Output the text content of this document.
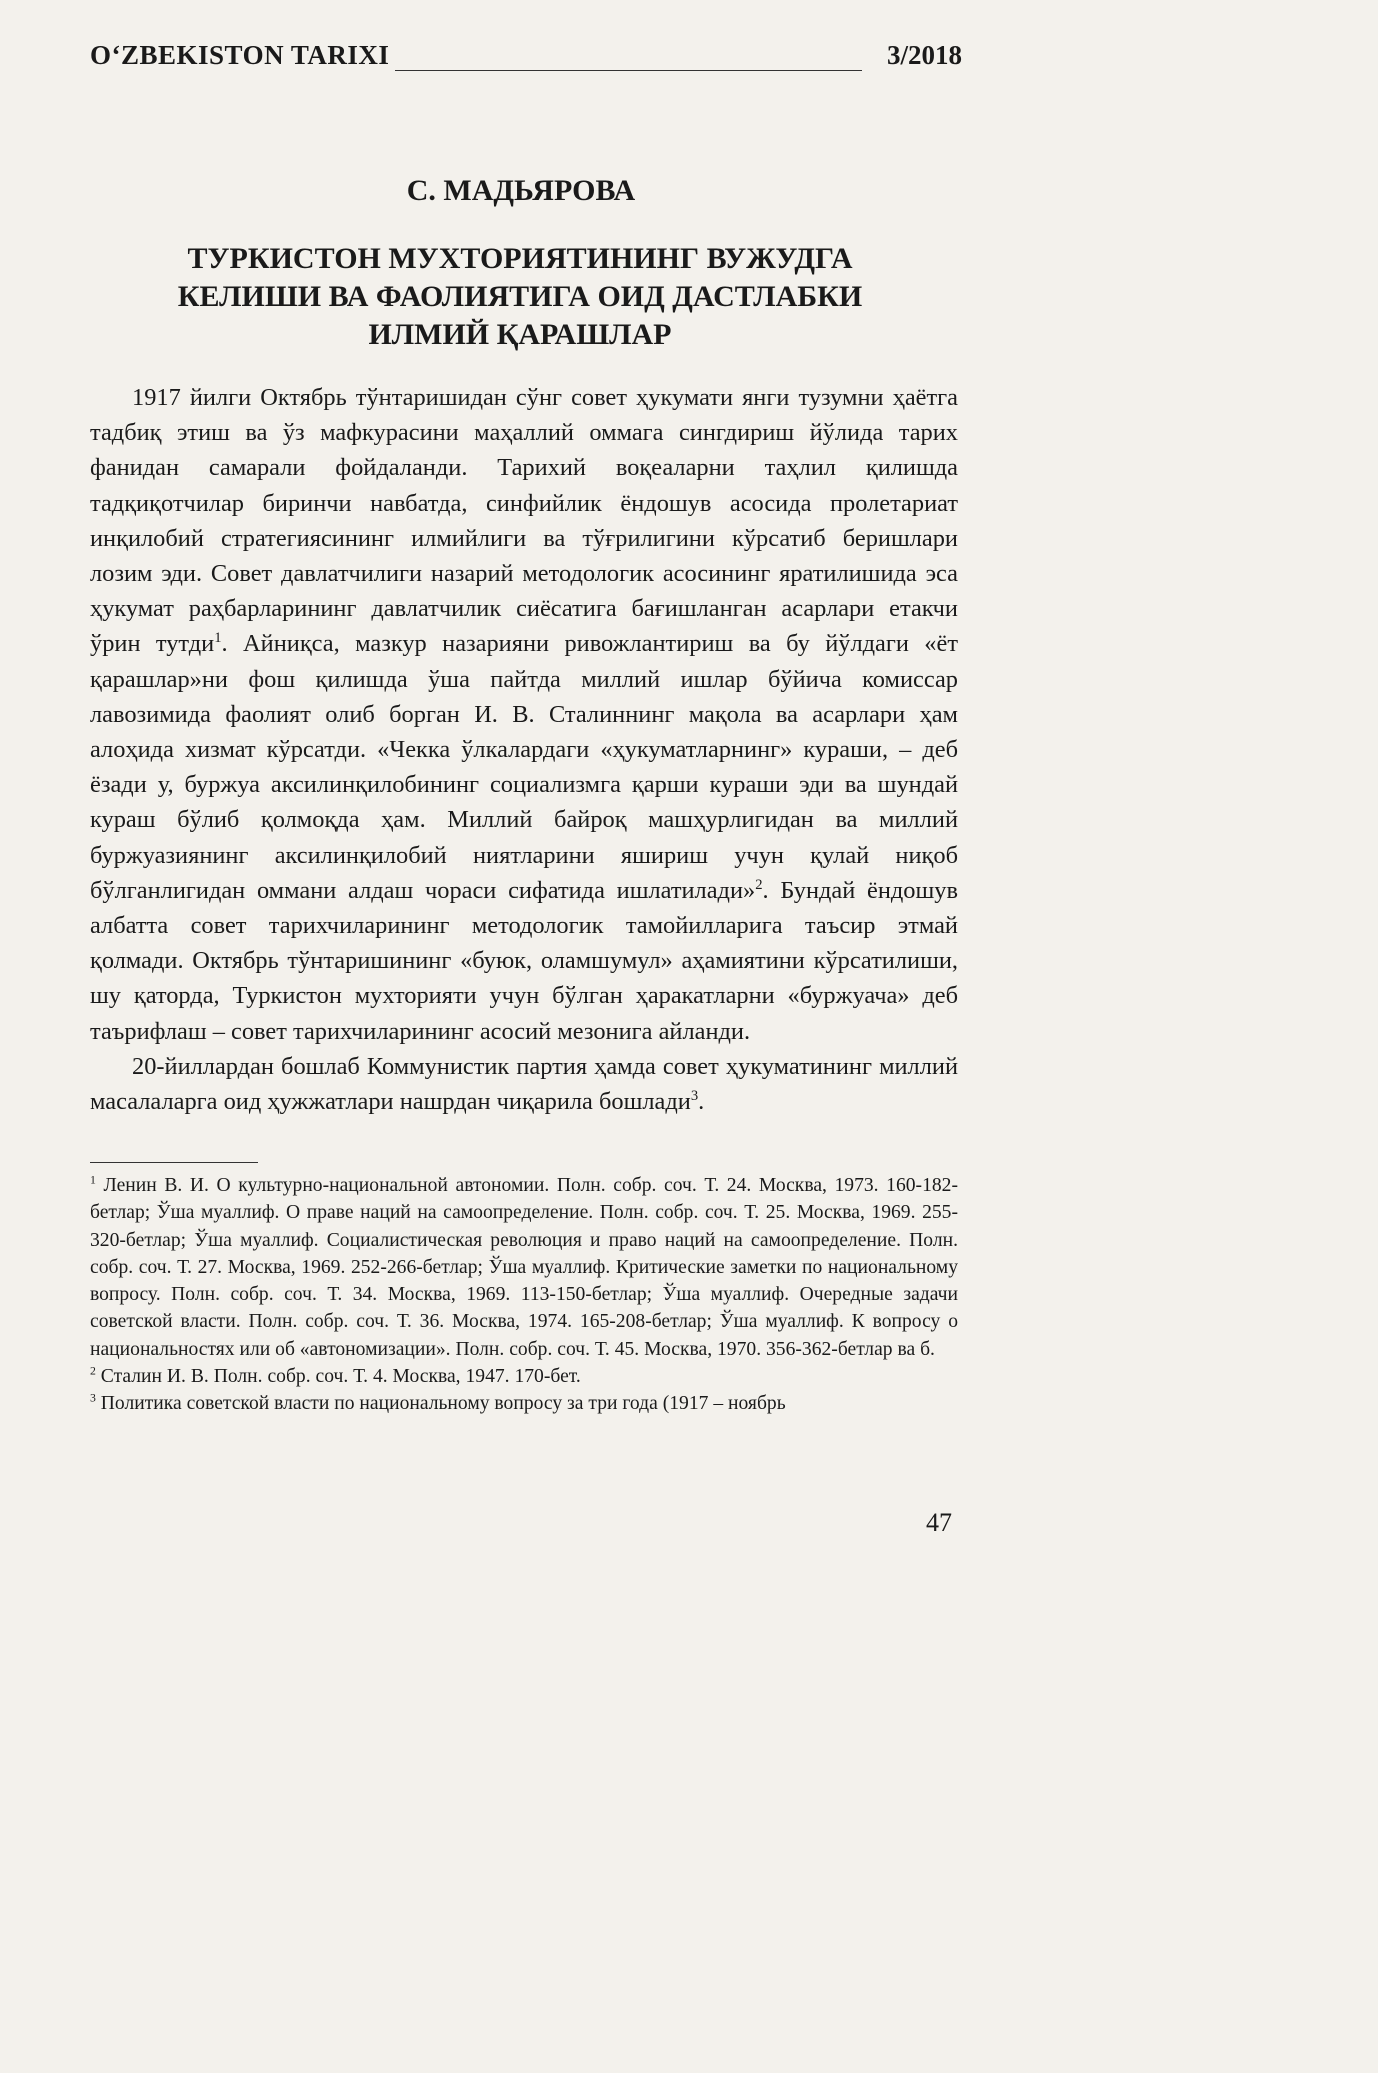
O‘ZBEKISTON TARIXI	3/2018
С. МАДЬЯРОВА
ТУРКИСТОН МУХТОРИЯТИНИНГ ВУЖУДГА
КЕЛИШИ ВА ФАОЛИЯТИГА ОИД ДАСТЛАБКИ
ИЛМИЙ ҚАРАШЛАР

1917 йилги Октябрь тўнтаришидан сўнг совет ҳукумати янги тузумни ҳаётга тадбиқ этиш ва ўз мафкурасини маҳаллий оммага сингдириш йўлида тарих фанидан самарали фойдаланди. Тарихий воқеаларни таҳлил қилишда тадқиқотчилар биринчи навбатда, синфийлик ёндошув асосида пролетариат инқилобий стратегиясининг илмийлиги ва тўғрилигини кўрсатиб беришлари лозим эди. Совет давлатчилиги назарий методологик асосининг яратилишида эса ҳукумат раҳбарларининг давлатчилик сиёсатига бағишланган асарлари етакчи ўрин тутди$^1$. Айниқса, мазкур назарияни ривожлантириш ва бу йўлдаги «ёт қарашлар»ни фош қилишда ўша пайтда миллий ишлар бўйича комиссар лавозимида фаолият олиб борган И. В. Сталиннинг мақола ва асарлари ҳам алоҳида хизмат кўрсатди. «Чекка ўлкалардаги «ҳукуматларнинг» кураши, – деб ёзади у, буржуа аксилинқилобининг социализмга қарши кураши эди ва шундай кураш бўлиб қолмоқда ҳам. Миллий байроқ машҳурлигидан ва миллий буржуазиянинг аксилинқилобий ниятларини яшириш учун қулай ниқоб бўлганлигидан оммани алдаш чораси сифатида ишлатилади»$^2$. Бундай ёндошув албатта совет тарихчиларининг методологик тамойилларига таъсир этмай қолмади. Октябрь тўнтаришининг «буюк, оламшумул» аҳамиятини кўрсатилиши, шу қаторда, Туркистон мухторияти учун бўлган ҳаракатларни «буржуача» деб таърифлаш – совет тарихчиларининг асосий мезонига айланди.

20-йиллардан бошлаб Коммунистик партия ҳамда совет ҳукуматининг миллий масалаларга оид ҳужжатлари нашрдан чиқарила бошлади$^3$.

$^1$ Ленин В. И. О культурно-национальной автономии. Полн. собр. соч. Т. 24. Москва, 1973. 160-182-бетлар; Ўша муаллиф. О праве наций на самоопределение. Полн. собр. соч. Т. 25. Москва, 1969. 255-320-бетлар; Ўша муаллиф. Социалистическая революция и право наций на самоопределение. Полн. собр. соч. Т. 27. Москва, 1969. 252-266-бетлар; Ўша муаллиф. Критические заметки по национальному вопросу. Полн. собр. соч. Т. 34. Москва, 1969. 113-150-бетлар; Ўша муаллиф. Очередные задачи советской власти. Полн. собр. соч. Т. 36. Москва, 1974. 165-208-бетлар; Ўша муаллиф. К вопросу о национальностях или об «автономизации». Полн. собр. соч. Т. 45. Москва, 1970. 356-362-бетлар ва б.

$^2$ Сталин И. В. Полн. собр. соч. Т. 4. Москва, 1947. 170-бет.

$^3$ Политика советской власти по национальному вопросу за три года (1917 – ноябрь

47
